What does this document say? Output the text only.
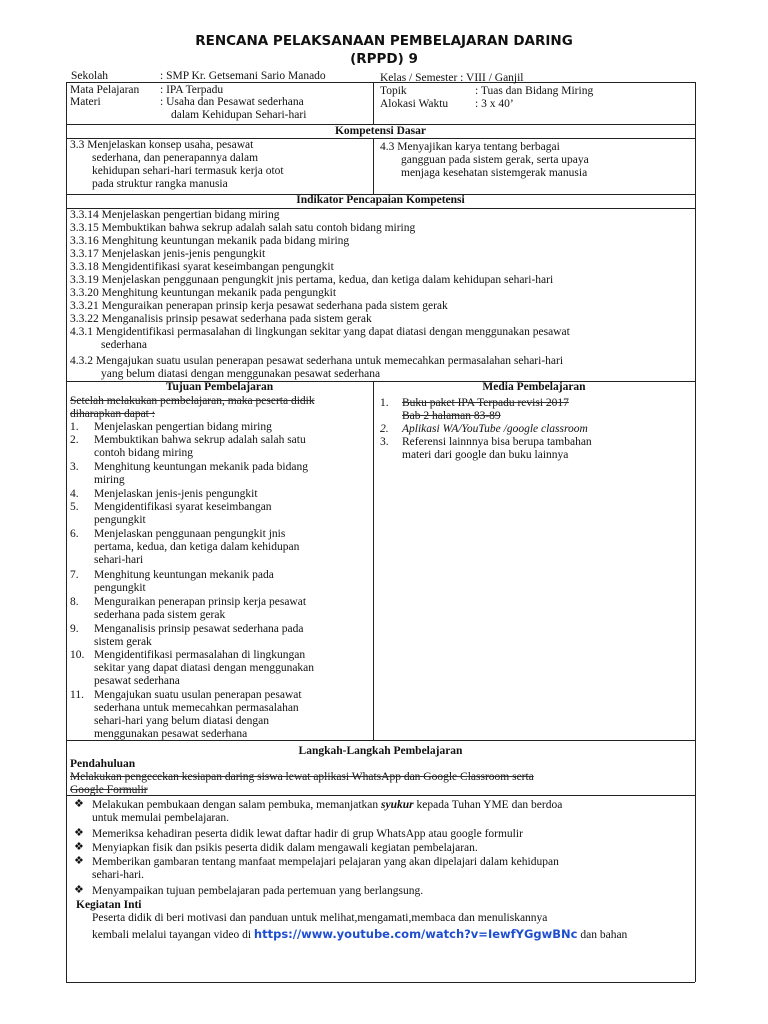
RENCANA PELAKSANAAN PEMBELAJARAN DARING
(RPPD) 9
Sekolah	: SMP Kr. Getsemani Sario Manado	Kelas / Semester : VIII / Ganjil
Mata Pelajaran : IPA Terpadu
Materi	: Usaha dan Pesawat sederhana
dalam Kehidupan Sehari-hari
Topik	: Tuas dan Bidang Miring
Alokasi Waktu : 3 x 40’
Kompetensi Dasar
3.3 Menjelaskan konsep usaha, pesawat
sederhana, dan penerapannya dalam
kehidupan sehari-hari termasuk kerja otot
pada struktur rangka manusia
4.3 Menyajikan karya tentang berbagai
gangguan pada sistem gerak, serta upaya
menjaga kesehatan sistemgerak manusia
Indikator Pencapaian Kompetensi
3.3.14 Menjelaskan pengertian bidang miring
3.3.15 Membuktikan bahwa sekrup adalah salah satu contoh bidang miring
3.3.16 Menghitung keuntungan mekanik pada bidang miring
3.3.17 Menjelaskan jenis-jenis pengungkit
3.3.18 Mengidentifikasi syarat keseimbangan pengungkit
3.3.19 Menjelaskan penggunaan pengungkit jnis pertama, kedua, dan ketiga dalam kehidupan sehari-hari
3.3.20 Menghitung keuntungan mekanik pada pengungkit
3.3.21 Menguraikan penerapan prinsip kerja pesawat sederhana pada sistem gerak
3.3.22 Menganalisis prinsip pesawat sederhana pada sistem gerak
4.3.1 Mengidentifikasi permasalahan di lingkungan sekitar yang dapat diatasi dengan menggunakan pesawat
sederhana
4.3.2 Mengajukan suatu usulan penerapan pesawat sederhana untuk memecahkan permasalahan sehari-hari
yang belum diatasi dengan menggunakan pesawat sederhana
Tujuan Pembelajaran
Setelah melakukan pembelajaran, maka peserta didik
diharapkan dapat :
1. Menjelaskan pengertian bidang miring
2. Membuktikan bahwa sekrup adalah salah satu
contoh bidang miring
3. Menghitung keuntungan mekanik pada bidang
miring
4. Menjelaskan jenis-jenis pengungkit
5. Mengidentifikasi syarat keseimbangan
pengungkit
6. Menjelaskan penggunaan pengungkit jnis
pertama, kedua, dan ketiga dalam kehidupan
sehari-hari
7. Menghitung keuntungan mekanik pada
pengungkit
8. Menguraikan penerapan prinsip kerja pesawat
sederhana pada sistem gerak
9. Menganalisis prinsip pesawat sederhana pada
sistem gerak
10. Mengidentifikasi permasalahan di lingkungan
sekitar yang dapat diatasi dengan menggunakan
pesawat sederhana
11. Mengajukan suatu usulan penerapan pesawat
sederhana untuk memecahkan permasalahan
sehari-hari yang belum diatasi dengan
menggunakan pesawat sederhana
Media Pembelajaran
1. Buku paket IPA Terpadu revisi 2017
Bab 2 halaman 83-89
2. Aplikasi WA/YouTube /google classroom
3. Referensi lainnnya bisa berupa tambahan
materi dari google dan buku lainnya
Langkah-Langkah Pembelajaran
Pendahuluan
Melakukan pengecekan kesiapan daring siswa lewat aplikasi WhatsApp dan Google Classroom serta
Google Formulir
❖ Melakukan pembukaan dengan salam pembuka, memanjatkan syukur kepada Tuhan YME dan berdoa
untuk memulai pembelajaran.
❖ Memeriksa kehadiran peserta didik lewat daftar hadir di grup WhatsApp atau google formulir
❖ Menyiapkan fisik dan psikis peserta didik dalam mengawali kegiatan pembelajaran.
❖ Memberikan gambaran tentang manfaat mempelajari pelajaran yang akan dipelajari dalam kehidupan
sehari-hari.
❖ Menyampaikan tujuan pembelajaran pada pertemuan yang berlangsung.
Kegiatan Inti
Peserta didik di beri motivasi dan panduan untuk melihat,mengamati,membaca dan menuliskannya
kembali melalui tayangan video di https://www.youtube.com/watch?v=IewfYGgwBNc dan bahan
